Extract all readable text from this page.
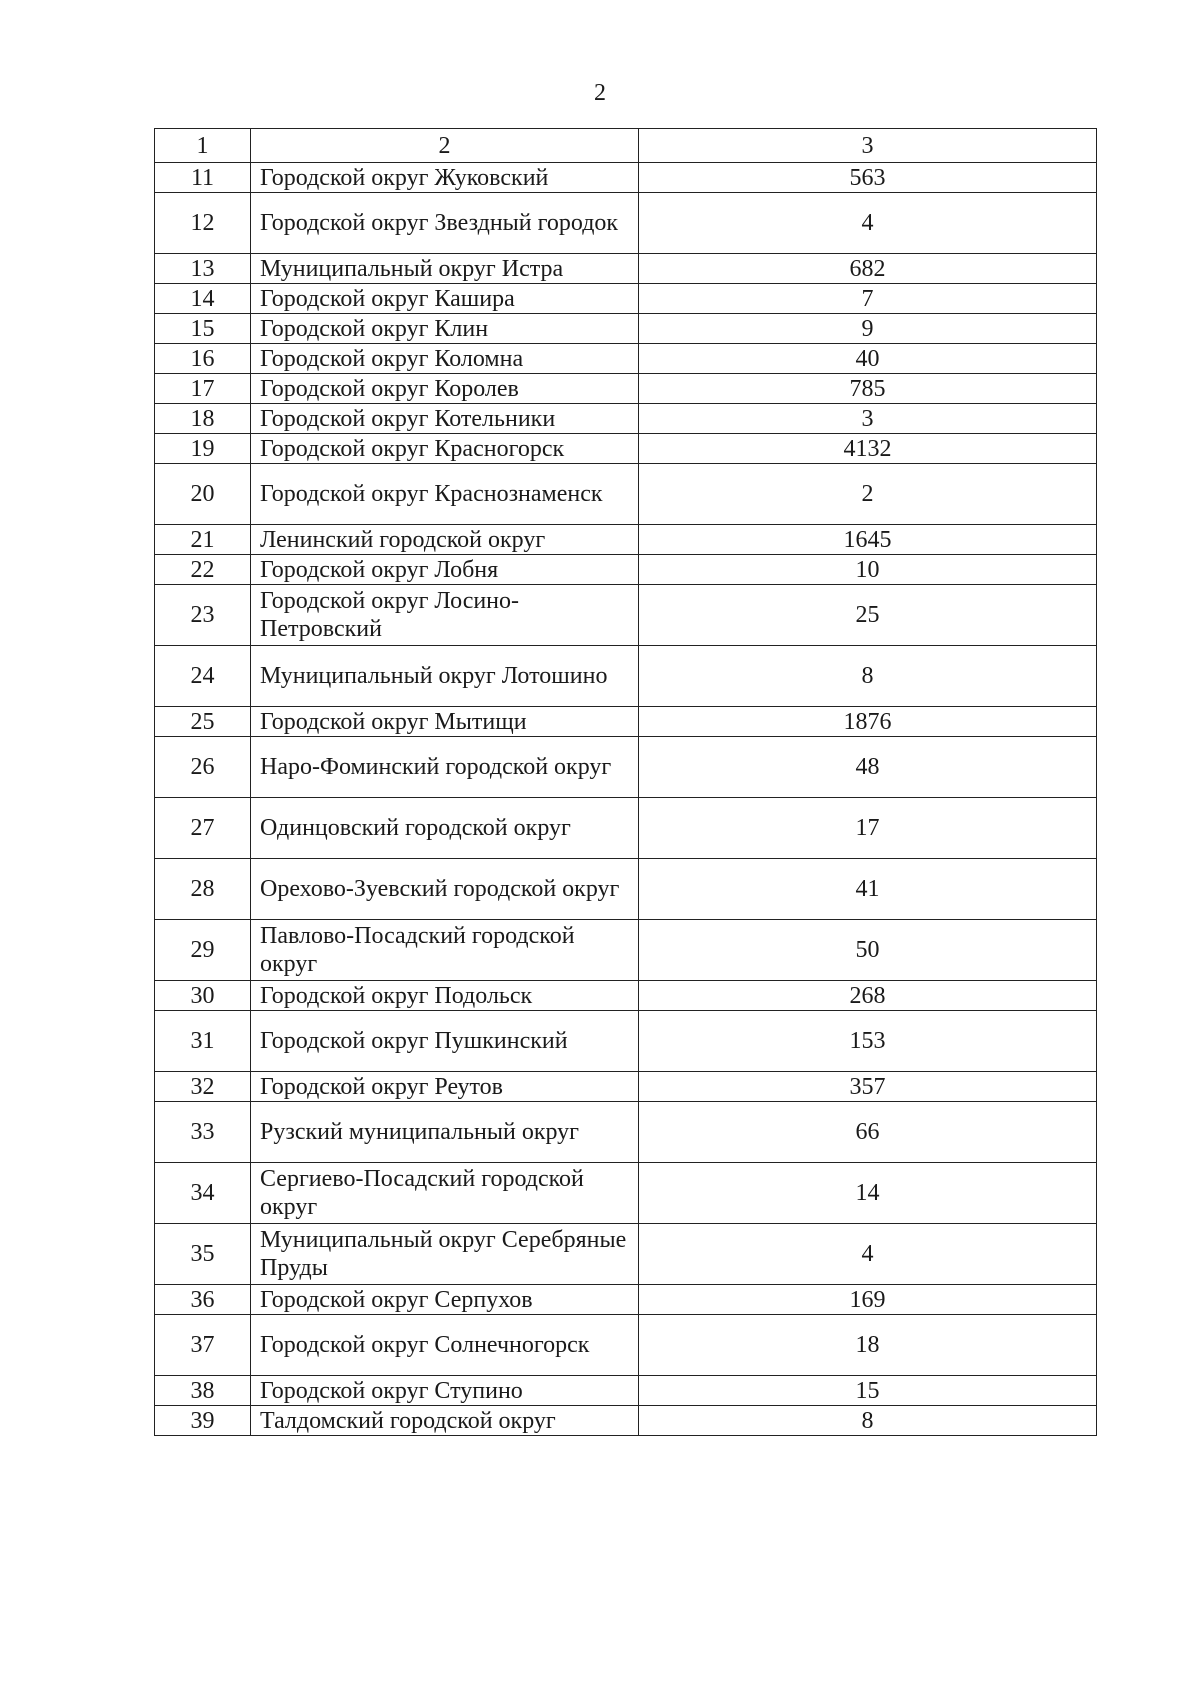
2
1	2	3
11	Городской округ Жуковский	563
12	Городской округ Звездный городок	4
13	Муниципальный округ Истра	682
14	Городской округ Кашира	7
15	Городской округ Клин	9
16	Городской округ Коломна	40
17	Городской округ Королев	785
18	Городской округ Котельники	3
19	Городской округ Красногорск	4132
20	Городской округ Краснознаменск	2
21	Ленинский городской округ	1645
22	Городской округ Лобня	10
23	Городской округ Лосино-Петровский	25
24	Муниципальный округ Лотошино	8
25	Городской округ Мытищи	1876
26	Наро-Фоминский городской округ	48
27	Одинцовский городской округ	17
28	Орехово-Зуевский городской округ	41
29	Павлово-Посадский городской округ	50
30	Городской округ Подольск	268
31	Городской округ Пушкинский	153
32	Городской округ Реутов	357
33	Рузский муниципальный округ	66
34	Сергиево-Посадский городской округ	14
35	Муниципальный округ Серебряные Пруды	4
36	Городской округ Серпухов	169
37	Городской округ Солнечногорск	18
38	Городской округ Ступино	15
39	Талдомский городской округ	8
